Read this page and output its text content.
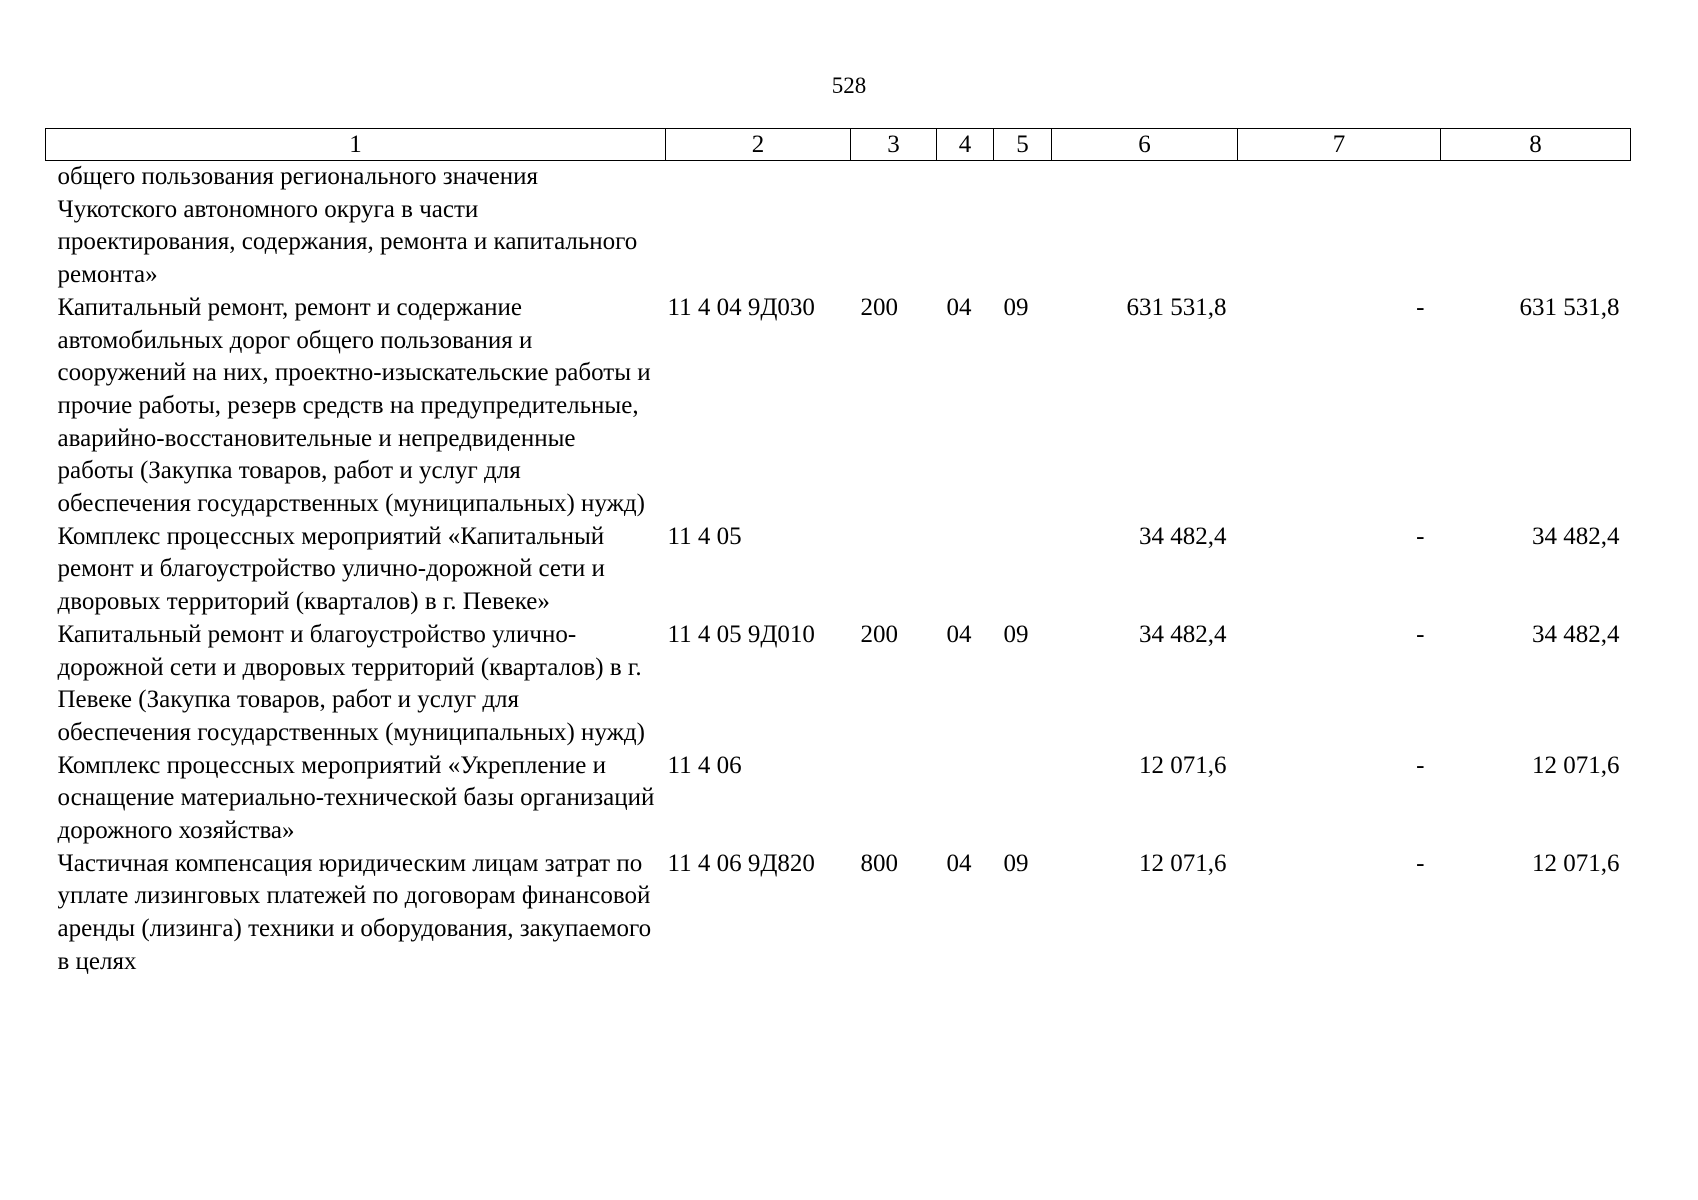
528
1	2	3	4	5	6	7	8
общего пользования регионального значения Чукотского автономного округа в части проектирования, содержания, ремонта и капитального ремонта»							
Капитальный ремонт, ремонт и содержание автомобильных дорог общего пользования и сооружений на них, проектно-изыскательские работы и прочие работы, резерв средств на предупредительные, аварийно-восстановительные и непредвиденные работы (Закупка товаров, работ и услуг для обеспечения государственных (муниципальных) нужд)	11 4 04 9Д030	200	04	09	631 531,8	-	631 531,8
Комплекс процессных мероприятий «Капитальный ремонт и благоустройство улично-дорожной сети и дворовых территорий (кварталов) в г. Певеке»	11 4 05				34 482,4	-	34 482,4
Капитальный ремонт и благоустройство улично-дорожной сети и дворовых территорий (кварталов) в г. Певеке (Закупка товаров, работ и услуг для обеспечения государственных (муниципальных) нужд)	11 4 05 9Д010	200	04	09	34 482,4	-	34 482,4
Комплекс процессных мероприятий «Укрепление и оснащение материально-технической базы организаций дорожного хозяйства»	11 4 06				12 071,6	-	12 071,6
Частичная компенсация юридическим лицам затрат по уплате лизинговых платежей по договорам финансовой аренды (лизинга) техники и оборудования, закупаемого в целях	11 4 06 9Д820	800	04	09	12 071,6	-	12 071,6
